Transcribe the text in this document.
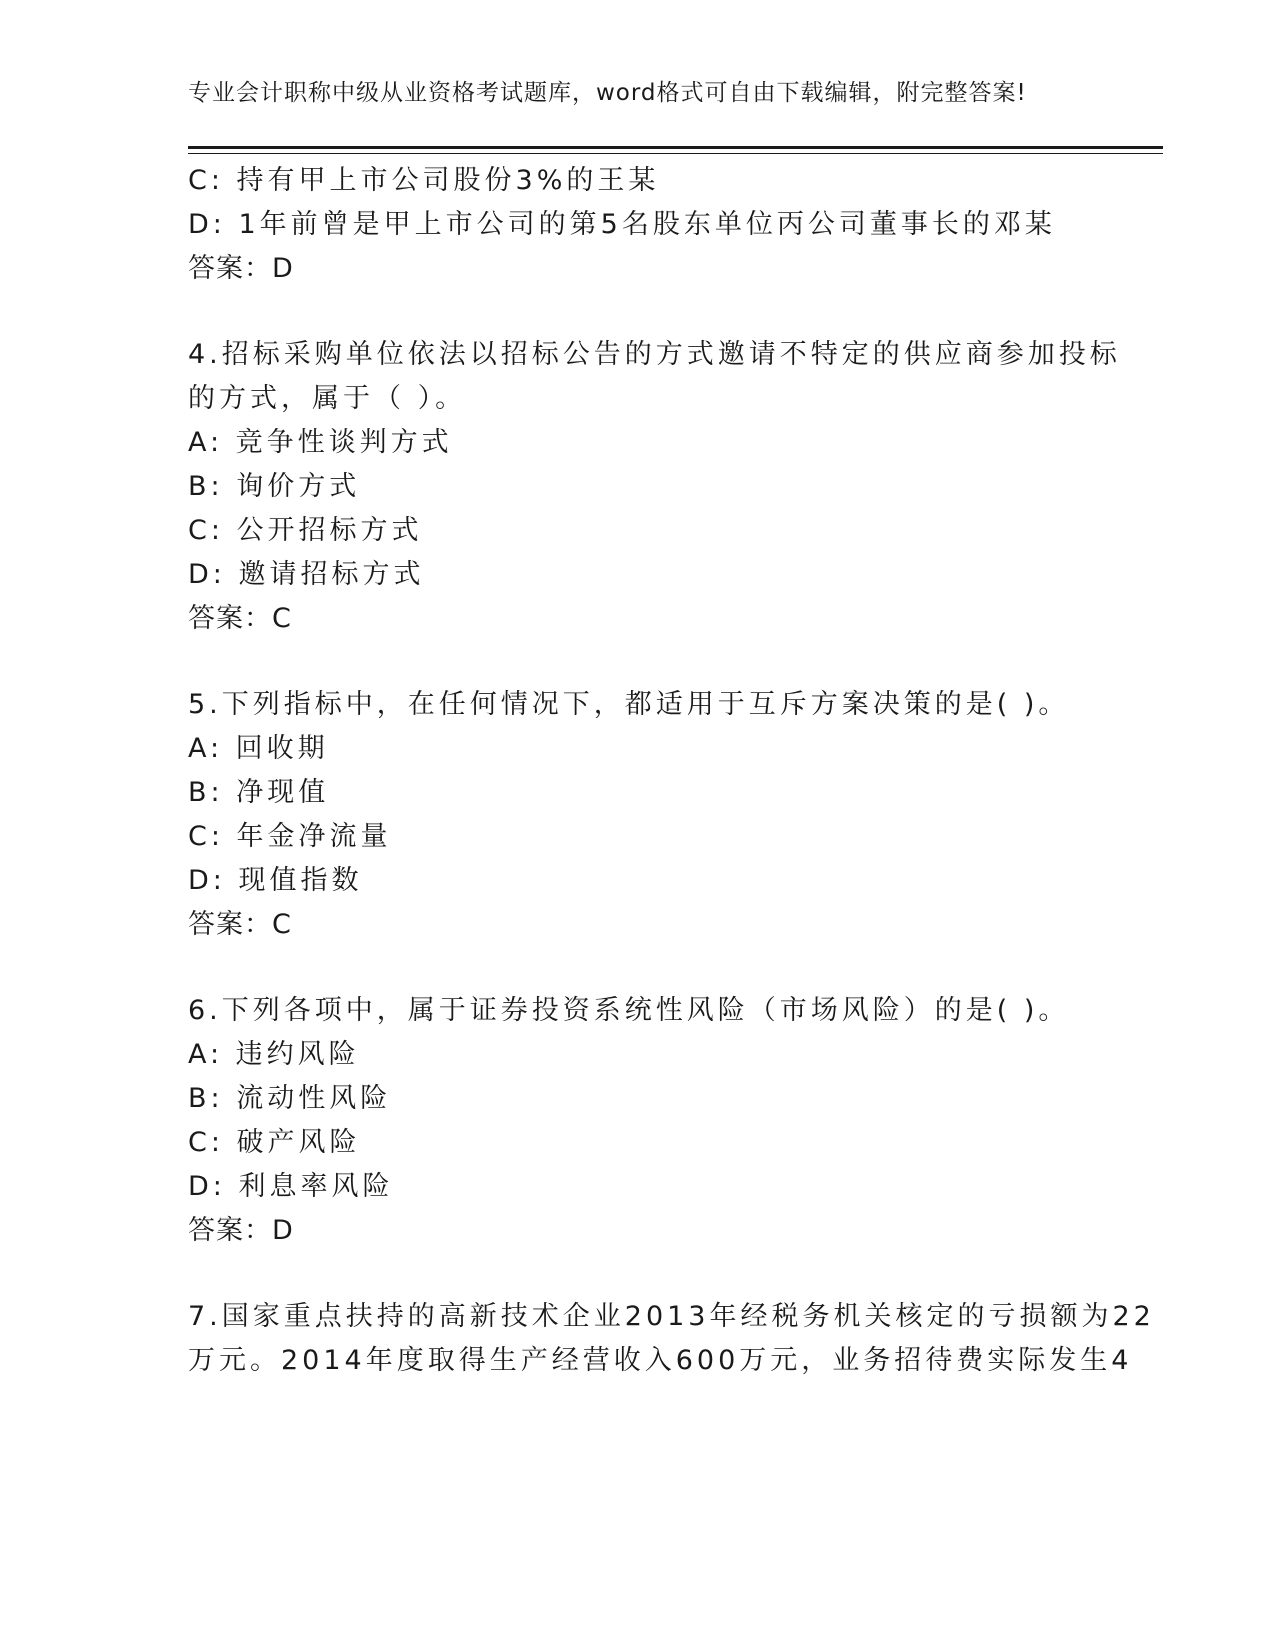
专业会计职称中级从业资格考试题库，word格式可自由下载编辑，附完整答案!
C: 持有甲上市公司股份3%的王某
D: 1年前曾是甲上市公司的第5名股东单位丙公司董事长的邓某
答案：D
4.招标采购单位依法以招标公告的方式邀请不特定的供应商参加投标
的方式，属于（ ）。
A: 竞争性谈判方式
B: 询价方式
C: 公开招标方式
D: 邀请招标方式
答案：C
5.下列指标中，在任何情况下，都适用于互斥方案决策的是( )。
A: 回收期
B: 净现值
C: 年金净流量
D: 现值指数
答案：C
6.下列各项中，属于证券投资系统性风险（市场风险）的是( )。
A: 违约风险
B: 流动性风险
C: 破产风险
D: 利息率风险
答案：D
7.国家重点扶持的高新技术企业2013年经税务机关核定的亏损额为22
万元。2014年度取得生产经营收入600万元，业务招待费实际发生4
